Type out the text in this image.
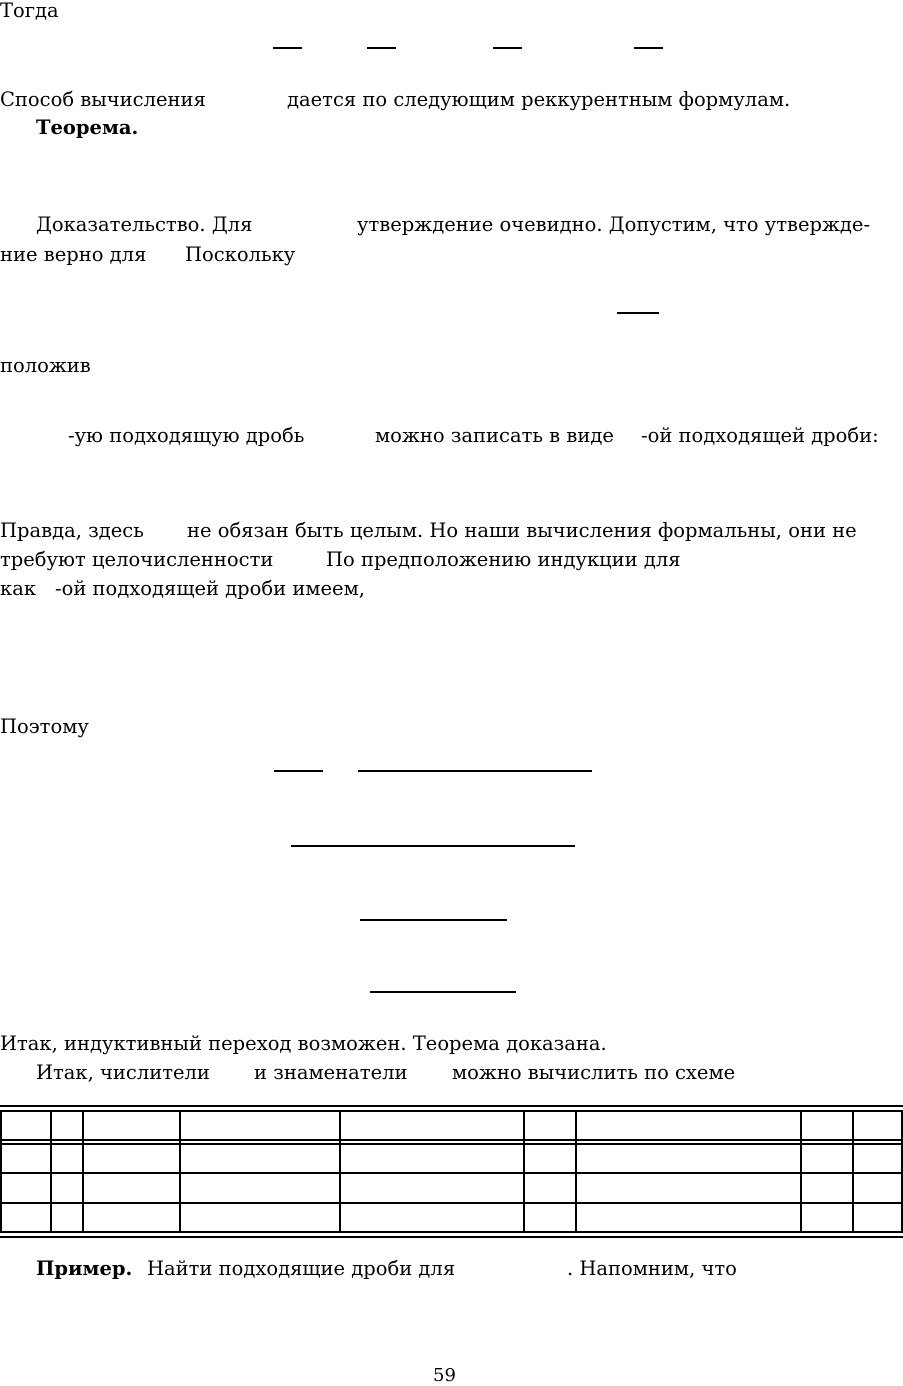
Тогда
Способ вычисления	дается по следующим реккурентным формулам.
Теорема.
Доказательство. Для	утверждение очевидно. Допустим, что утвержде-
ние верно для Поскольку
положив
-ую подходящую дробь	можно записать в виде -ой подходящей дроби:
Правда, здесь не обязан быть целым. Но наши вычисления формальны, они не
требуют целочисленности	По предположению индукции для
как -ой подходящей дроби имеем,
Поэтому
Итак, индуктивный переход возможен. Теорема доказана.
Итак, числители и знаменатели можно вычислить по схеме
Пример. Найти подходящие дроби для	. Напомним, что
59
